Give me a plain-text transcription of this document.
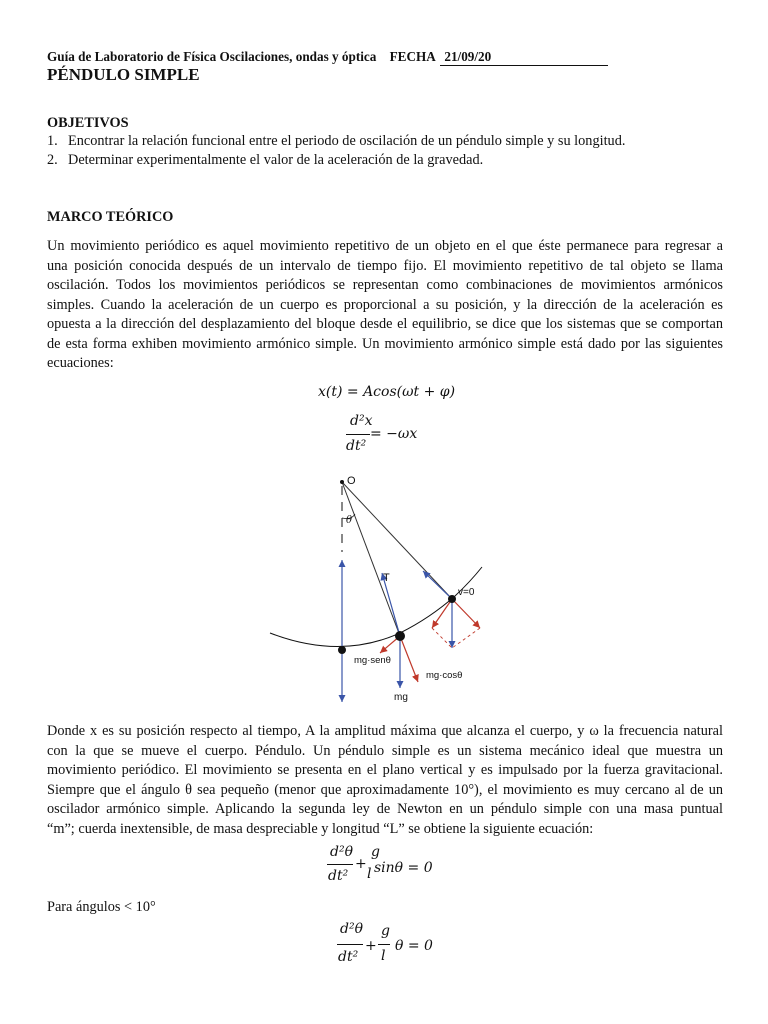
Guía de Laboratorio de Física Oscilaciones, ondas y óptica FECHA 21/09/20
PÉNDULO SIMPLE
OBJETIVOS
1. Encontrar la relación funcional entre el periodo de oscilación de un péndulo simple y su longitud.
2. Determinar experimentalmente el valor de la aceleración de la gravedad.
MARCO TEÓRICO
Un movimiento periódico es aquel movimiento repetitivo de un objeto en el que éste permanece para regresar a
una posición conocida después de un intervalo de tiempo fijo. El movimiento repetitivo de tal objeto se llama
oscilación. Todos los movimientos periódicos se representan como combinaciones de movimientos armónicos
simples. Cuando la aceleración de un cuerpo es proporcional a su posición, y la dirección de la aceleración es
opuesta a la dirección del desplazamiento del bloque desde el equilibrio, se dice que los sistemas que se comportan
de esta forma exhiben movimiento armónico simple. Un movimiento armónico simple está dado por las siguientes
ecuaciones:
x(t) = Acos(ωt + φ)
d²x
dt²
= −ωx
O
θ
T
v=0
mg·senθ
mg·cosθ
mg
Donde x es su posición respecto al tiempo, A la amplitud máxima que alcanza el cuerpo, y ω la frecuencia natural
con la que se mueve el cuerpo. Péndulo. Un péndulo simple es un sistema mecánico ideal que muestra un
movimiento periódico. El movimiento se presenta en el plano vertical y es impulsado por la fuerza gravitacional.
Siempre que el ángulo θ sea pequeño (menor que aproximadamente 10°), el movimiento es muy cercano al de un
oscilador armónico simple. Aplicando la segunda ley de Newton en un péndulo simple con una masa puntual
“m”; cuerda inextensible, de masa despreciable y longitud “L” se obtiene la siguiente ecuación:
d²θ
dt²
+
g
l sinθ = 0
Para ángulos < 10°
d²θ
dt²
+
g
l
θ = 0
